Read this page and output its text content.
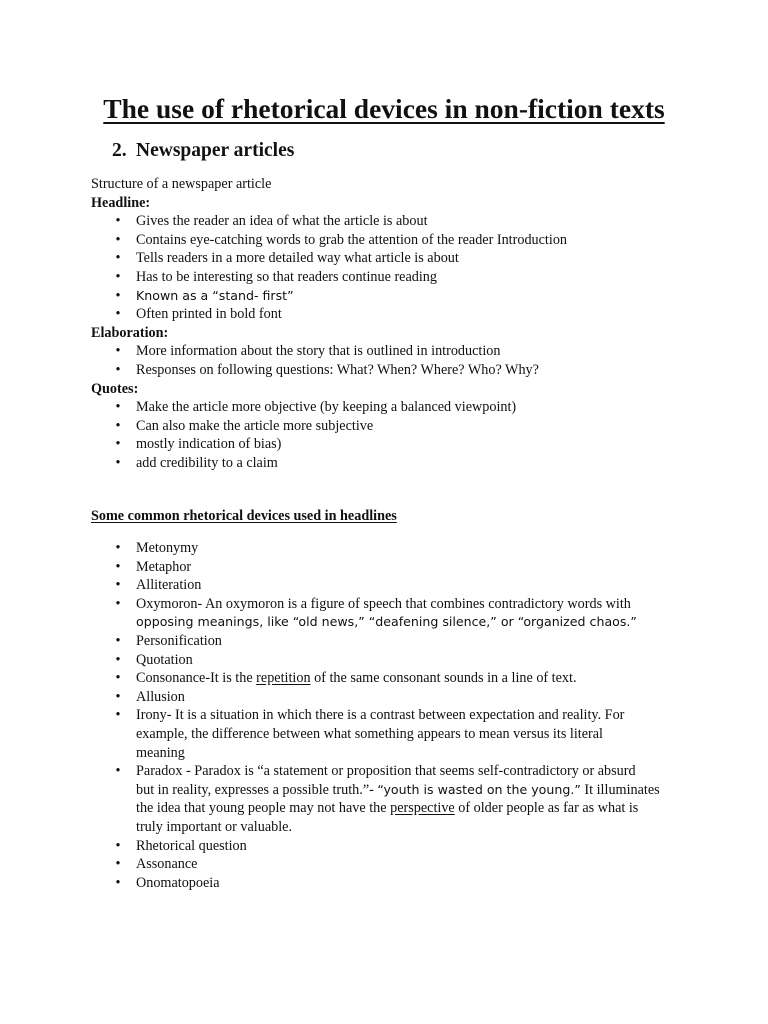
The use of rhetorical devices in non-fiction texts
2. Newspaper articles

Structure of a newspaper article

Headline:

• Gives the reader an idea of what the article is about
• Contains eye-catching words to grab the attention of the reader Introduction
• Tells readers in a more detailed way what article is about
• Has to be interesting so that readers continue reading
• Known as a “stand- first”
• Often printed in bold font

Elaboration:

• More information about the story that is outlined in introduction
• Responses on following questions: What? When? Where? Who? Why?

Quotes:

• Make the article more objective (by keeping a balanced viewpoint)
• Can also make the article more subjective
• mostly indication of bias)
• add credibility to a claim

Some common rhetorical devices used in headlines

• Metonymy
• Metaphor
• Alliteration
• Oxymoron- An oxymoron is a figure of speech that combines contradictory words with
opposing meanings, like “old news,” “deafening silence,” or “organized chaos.”
• Personification
• Quotation
• Consonance-It is the repetition of the same consonant sounds in a line of text.
• Allusion
• Irony- It is a situation in which there is a contrast between expectation and reality. For
example, the difference between what something appears to mean versus its literal
meaning
• Paradox - Paradox is “a statement or proposition that seems self-contradictory or absurd
but in reality, expresses a possible truth.”- “youth is wasted on the young.” It illuminates
the idea that young people may not have the perspective of older people as far as what is
truly important or valuable.
• Rhetorical question
• Assonance
• Onomatopoeia
